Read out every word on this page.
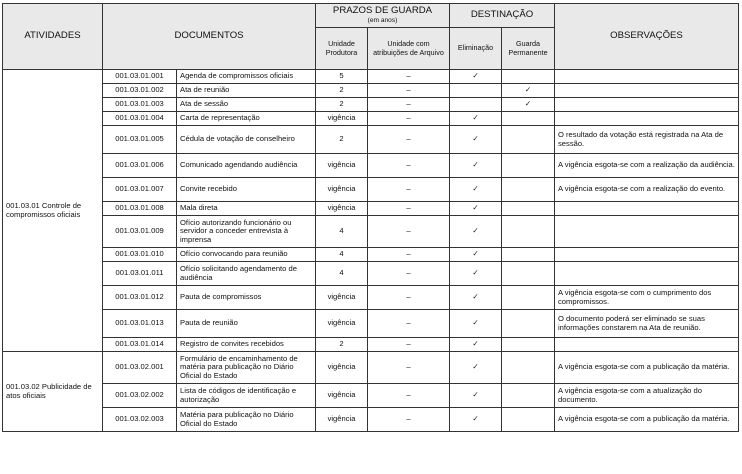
ATIVIDADES	DOCUMENTOS		PRAZOS DE GUARDA
(em anos)		DESTINAÇÃO		OBSERVAÇÕES
			Unidade Produtora	Unidade com atribuições de Arquivo	Eliminação	Guarda Permanente	
001.03.01 Controle de compromissos oficiais	001.03.01.001	Agenda de compromissos oficiais	5	–	✓		
	001.03.01.002	Ata de reunião	2	–		✓	
	001.03.01.003	Ata de sessão	2	–		✓	
	001.03.01.004	Carta de representação	vigência	–	✓		
	001.03.01.005	Cédula de votação de conselheiro	2	–	✓		O resultado da votação está registrada na Ata de sessão.
	001.03.01.006	Comunicado agendando audiência	vigência	–	✓		A vigência esgota-se com a realização da audiência.
	001.03.01.007	Convite recebido	vigência	–	✓		A vigência esgota-se com a realização do evento.
	001.03.01.008	Mala direta	vigência	–	✓		
	001.03.01.009	Ofício autorizando funcionário ou servidor a conceder entrevista à imprensa	4	–	✓		
	001.03.01.010	Ofício convocando para reunião	4	–	✓		
	001.03.01.011	Ofício solicitando agendamento de audiência	4	–	✓		
	001.03.01.012	Pauta de compromissos	vigência	–	✓		A vigência esgota-se com o cumprimento dos compromissos.
	001.03.01.013	Pauta de reunião	vigência	–	✓		O documento poderá ser eliminado se suas informações constarem na Ata de reunião.
	001.03.01.014	Registro de convites recebidos	2	–	✓		
001.03.02 Publicidade de atos oficiais	001.03.02.001	Formulário de encaminhamento de matéria para publicação no Diário Oficial do Estado	vigência	–	✓		A vigência esgota-se com a publicação da matéria.
	001.03.02.002	Lista de códigos de identificação e autorização	vigência	–	✓		A vigência esgota-se com a atualização do documento.
	001.03.02.003	Matéria para publicação no Diário Oficial do Estado	vigência	–	✓		A vigência esgota-se com a publicação da matéria.
